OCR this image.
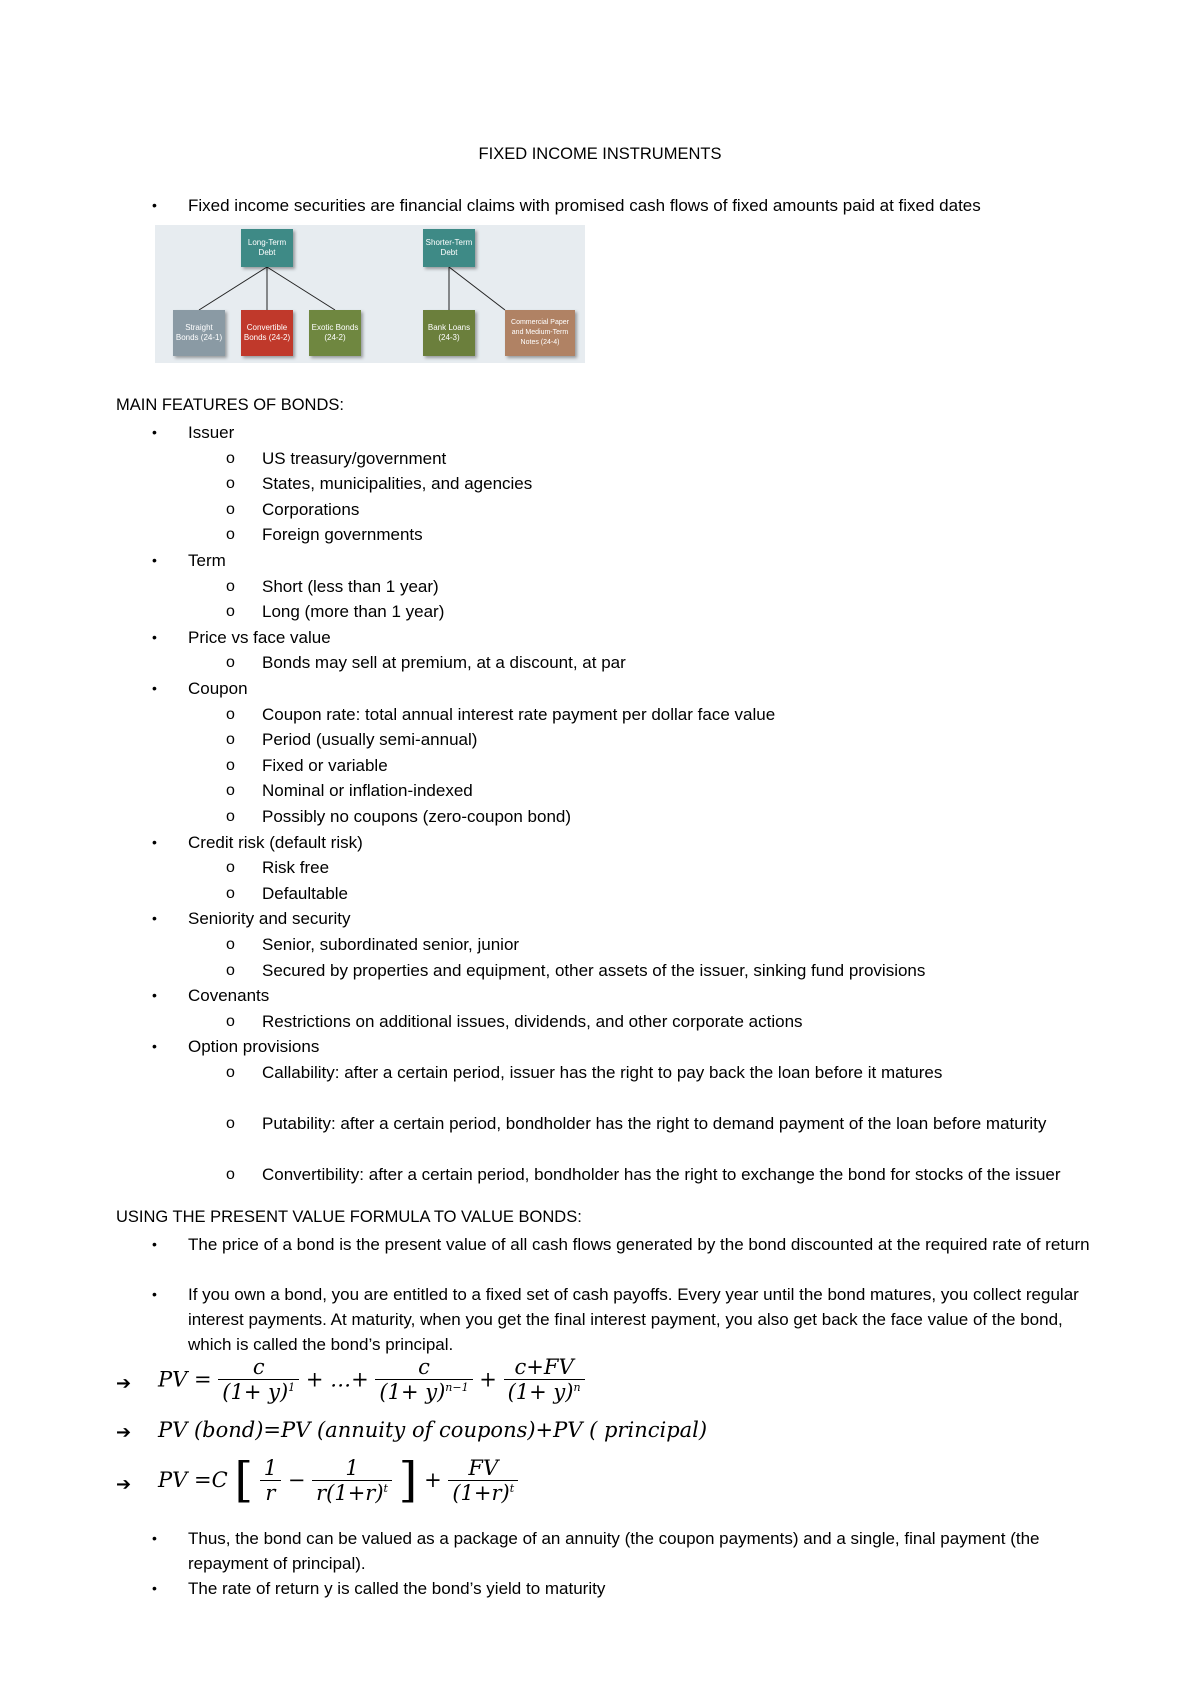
FIXED INCOME INSTRUMENTS
•	Fixed income securities are financial claims with promised cash flows of fixed amounts paid at fixed dates
Long-Term Debt
Shorter-Term Debt
Straight Bonds (24-1)
Convertible Bonds (24-2)
Exotic Bonds (24-2)
Bank Loans (24-3)
Commercial Paper and Medium-Term Notes (24-4)
MAIN FEATURES OF BONDS:
•	Issuer
o US treasury/government
o States, municipalities, and agencies
o Corporations
o Foreign governments
•	Term
o Short (less than 1 year)
o Long (more than 1 year)
•	Price vs face value
o Bonds may sell at premium, at a discount, at par
•	Coupon
o Coupon rate: total annual interest rate payment per dollar face value
o Period (usually semi-annual)
o Fixed or variable
o Nominal or inflation-indexed
o Possibly no coupons (zero-coupon bond)
•	Credit risk (default risk)
o Risk free
o Defaultable
•	Seniority and security
o Senior, subordinated senior, junior
o Secured by properties and equipment, other assets of the issuer, sinking fund provisions
•	Covenants
o Restrictions on additional issues, dividends, and other corporate actions
•	Option provisions
o Callability: after a certain period, issuer has the right to pay back the loan before it matures
o Putability: after a certain period, bondholder has the right to demand payment of the loan before maturity
o Convertibility: after a certain period, bondholder has the right to exchange the bond for stocks of the issuer
USING THE PRESENT VALUE FORMULA TO VALUE BONDS:
•	The price of a bond is the present value of all cash flows generated by the bond discounted at the required rate of return
•	If you own a bond, you are entitled to a fixed set of cash payoffs. Every year until the bond matures, you collect regular interest payments. At maturity, when you get the final interest payment, you also get back the face value of the bond, which is called the bond’s principal.
➔ PV = $\frac{c}{(1+ y)^1}$ + …+ $\frac{c}{(1+ y)^{n-1}} + \frac{c+FV}{(1+ y)^n}$
➔ PV (bond)=PV (annuity of coupons)+PV ( principal)
➔ PV =C [ $\frac{1}{r} - \frac{1}{r(1+r)^t}$ ] + $\frac{FV}{(1+r)^t}$
•	Thus, the bond can be valued as a package of an annuity (the coupon payments) and a single, final payment (the repayment of principal).
•	The rate of return y is called the bond’s yield to maturity
